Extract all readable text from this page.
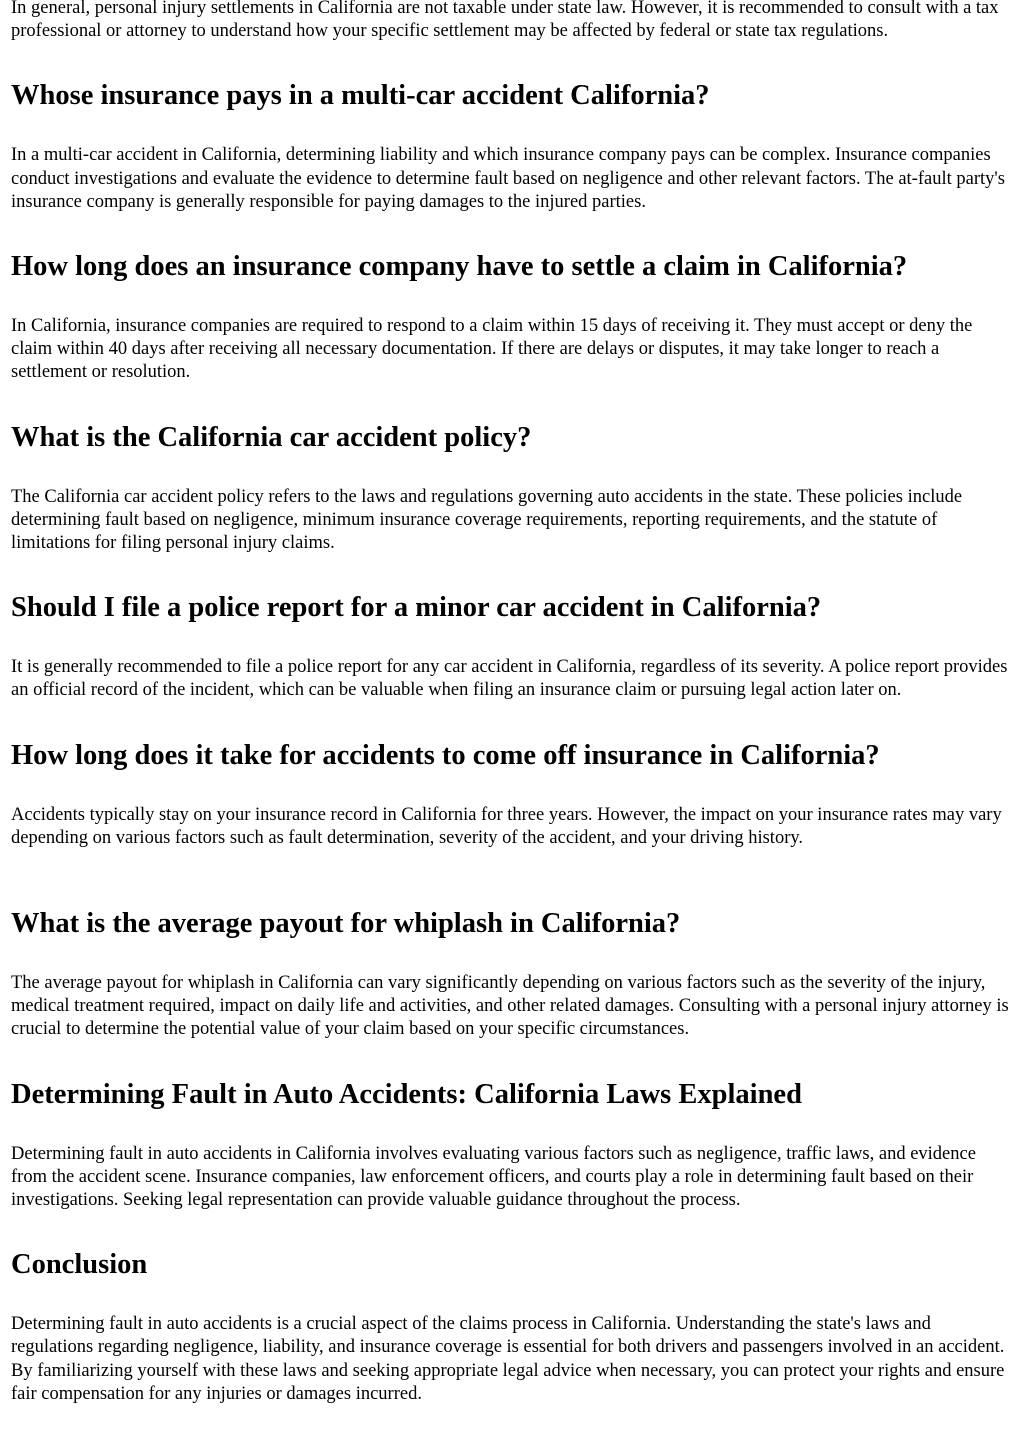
In general, personal injury settlements in California are not taxable under state law. However, it is recommended to consult with a tax professional or attorney to understand how your specific settlement may be affected by federal or state tax regulations.

Whose insurance pays in a multi-car accident California?

In a multi-car accident in California, determining liability and which insurance company pays can be complex. Insurance companies conduct investigations and evaluate the evidence to determine fault based on negligence and other relevant factors. The at-fault party's insurance company is generally responsible for paying damages to the injured parties.

How long does an insurance company have to settle a claim in California?

In California, insurance companies are required to respond to a claim within 15 days of receiving it. They must accept or deny the claim within 40 days after receiving all necessary documentation. If there are delays or disputes, it may take longer to reach a settlement or resolution.

What is the California car accident policy?

The California car accident policy refers to the laws and regulations governing auto accidents in the state. These policies include determining fault based on negligence, minimum insurance coverage requirements, reporting requirements, and the statute of limitations for filing personal injury claims.

Should I file a police report for a minor car accident in California?

It is generally recommended to file a police report for any car accident in California, regardless of its severity. A police report provides an official record of the incident, which can be valuable when filing an insurance claim or pursuing legal action later on.

How long does it take for accidents to come off insurance in California?

Accidents typically stay on your insurance record in California for three years. However, the impact on your insurance rates may vary depending on various factors such as fault determination, severity of the accident, and your driving history.

What is the average payout for whiplash in California?

The average payout for whiplash in California can vary significantly depending on various factors such as the severity of the injury, medical treatment required, impact on daily life and activities, and other related damages. Consulting with a personal injury attorney is crucial to determine the potential value of your claim based on your specific circumstances.

Determining Fault in Auto Accidents: California Laws Explained

Determining fault in auto accidents in California involves evaluating various factors such as negligence, traffic laws, and evidence from the accident scene. Insurance companies, law enforcement officers, and courts play a role in determining fault based on their investigations. Seeking legal representation can provide valuable guidance throughout the process.

Conclusion

Determining fault in auto accidents is a crucial aspect of the claims process in California. Understanding the state's laws and regulations regarding negligence, liability, and insurance coverage is essential for both drivers and passengers involved in an accident. By familiarizing yourself with these laws and seeking appropriate legal advice when necessary, you can protect your rights and ensure fair compensation for any injuries or damages incurred.
